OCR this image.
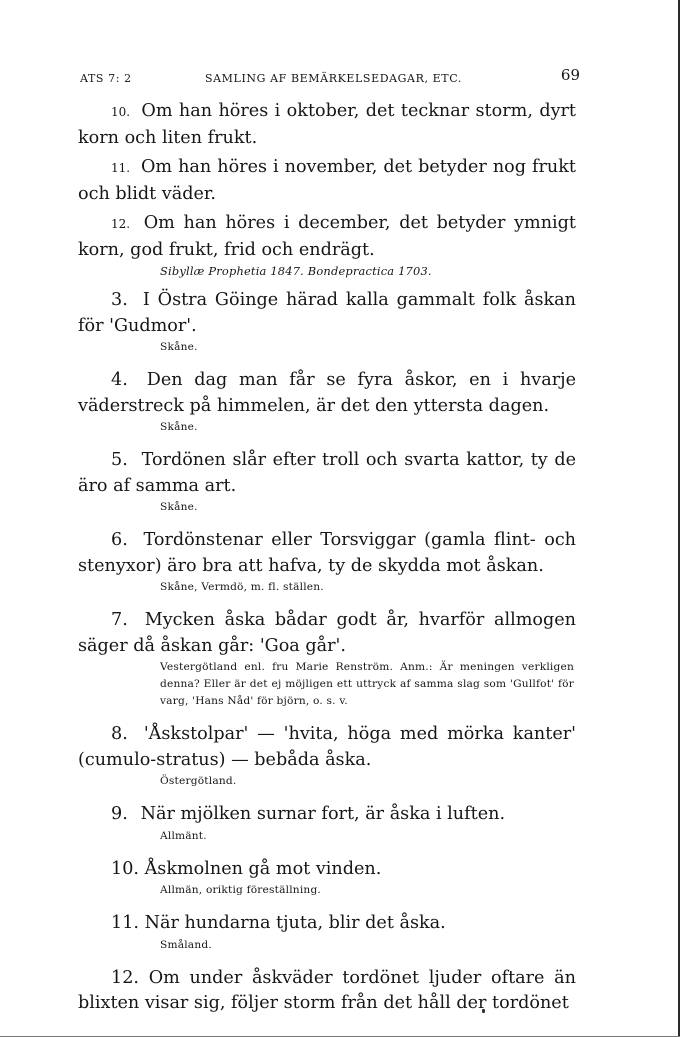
ATS 7: 2	SAMLING AF BEMÄRKELSEDAGAR, ETC.	69

10. Om han höres i oktober, det tecknar storm, dyrt korn och liten frukt.

11. Om han höres i november, det betyder nog frukt och blidt väder.

12. Om han höres i december, det betyder ymnigt korn, god frukt, frid och endrägt.

Sibyllæ Prophetia 1847. Bondepractica 1703.

3. I Östra Göinge härad kalla gammalt folk åskan för 'Gudmor'.

Skåne.

4. Den dag man får se fyra åskor, en i hvarje väderstreck på himmelen, är det den yttersta dagen.

Skåne.

5. Tordönen slår efter troll och svarta kattor, ty de äro af samma art.

Skåne.

6. Tordönstenar eller Torsviggar (gamla flint- och stenyxor) äro bra att hafva, ty de skydda mot åskan.

Skåne, Vermdö, m. fl. ställen.

7. Mycken åska bådar godt år, hvarför allmogen säger då åskan går: 'Goa går'.

Vestergötland enl. fru Marie Renström. Anm.: Är meningen verkligen denna? Eller är det ej möjligen ett uttryck af samma slag som 'Gullfot' för varg, 'Hans Nåd' för björn, o. s. v.

8. 'Åskstolpar' — 'hvita, höga med mörka kanter' (cumulo-stratus) — bebåda åska.

Östergötland.

9. När mjölken surnar fort, är åska i luften.

Allmänt.

10. Åskmolnen gå mot vinden.

Allmän, oriktig föreställning.

11. När hundarna tjuta, blir det åska.

Småland.

12. Om under åskväder tordönet ljuder oftare än blixten visar sig, följer storm från det håll der tordönet
